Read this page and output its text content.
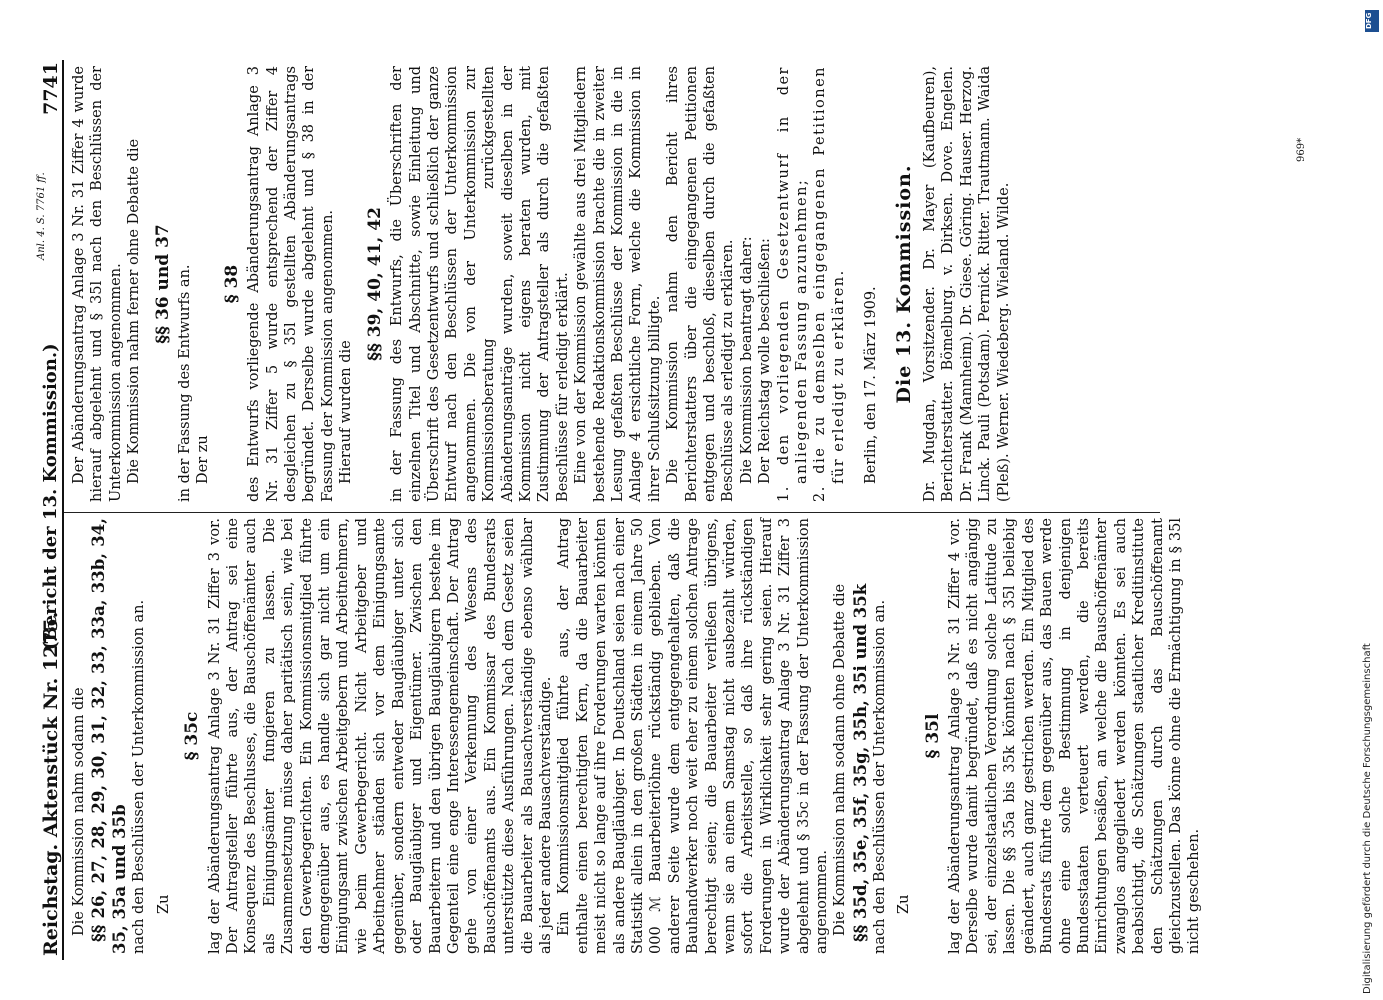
Reichstag. Aktenstück Nr. 1275.
(Bericht der 13. Kommission.)
7741

Die Kommission nahm sodann die §§ 26, 27, 28, 29, 30, 31, 32, 33, 33a, 33b, 34, 35, 35a und 35b nach den Beschlüssen der Unterkommission an. Zu

§ 35c lag der Abänderungsantrag Anlage 3 Nr. 31 Ziffer 3 vor. Der Antragsteller führte aus, der Antrag sei eine Konsequenz des Beschlusses, die Bauschöffenämter auch als Einigungsämter fungieren zu lassen. Die Zusammensetzung müsse daher paritätisch sein, wie bei den Gewerbegerichten. Ein Kommissionsmitglied führte demgegenüber aus, es handle sich gar nicht um ein Einigungsamt zwischen Arbeitgebern und Arbeitnehmern, wie beim Gewerbegericht. Nicht Arbeitgeber und Arbeitnehmer ständen sich vor dem Einigungsamte gegenüber, sondern entweder Baugläubiger unter sich oder Baugläubiger und Eigentümer. Zwischen den Bauarbeitern und den übrigen Baugläubigern bestehe im Gegenteil eine enge Interessengemeinschaft. Der Antrag gehe von einer Verkennung des Wesens des Bauschöffenamts aus. Ein Kommissar des Bundesrats unterstützte diese Ausführungen. Nach dem Gesetz seien die Bauarbeiter als Bausachverständige ebenso wählbar als jeder andere Bausachverständige. Ein Kommissionsmitglied führte aus, der Antrag enthalte einen berechtigten Kern, da die Bauarbeiter meist nicht so lange auf ihre Forderungen warten könnten als andere Baugläubiger. In Deutschland seien nach einer Statistik allein in den großen Städten in einem Jahre 50 000 ℳ Bauarbeiterlöhne rückständig geblieben. Von anderer Seite wurde dem entgegengehalten, daß die Bauhandwerker noch weit eher zu einem solchen Antrage berechtigt seien; die Bauarbeiter verließen übrigens, wenn sie an einem Samstag nicht ausbezahlt würden, sofort die Arbeitsstelle, so daß ihre rückständigen Forderungen in Wirklichkeit sehr gering seien. Hierauf wurde der Abänderungsantrag Anlage 3 Nr. 31 Ziffer 3 abgelehnt und § 35c in der Fassung der Unterkommission angenommen. Die Kommission nahm sodann ohne Debatte die §§ 35d, 35e, 35f, 35g, 35h, 35i und 35k nach den Beschlüssen der Unterkommission an. Zu

§ 35l lag der Abänderungsantrag Anlage 3 Nr. 31 Ziffer 4 vor. Derselbe wurde damit begründet, daß es nicht angängig sei, der einzelstaatlichen Verordnung solche Latitude zu lassen. Die §§ 35a bis 35k könnten nach § 35l beliebig geändert, auch ganz gestrichen werden. Ein Mitglied des Bundesrats führte dem gegenüber aus, das Bauen werde ohne eine solche Bestimmung in denjenigen Bundesstaaten verteuert werden, die bereits Einrichtungen besäßen, an welche die Bauschöffenämter zwanglos angegliedert werden könnten. Es sei auch beabsichtigt, die Schätzungen staatlicher Kreditinstitute den Schätzungen durch das Bauschöffenamt gleichzustellen. Das könne ohne die Ermächtigung in § 35l nicht geschehen.

Der Abänderungsantrag Anlage 3 Nr. 31 Ziffer 4 wurde hierauf abgelehnt und § 35l nach den Beschlüssen der Unterkommission angenommen. Die Kommission nahm ferner ohne Debatte die §§ 36 und 37 in der Fassung des Entwurfs an. Der zu

§ 38 des Entwurfs vorliegende Abänderungsantrag Anlage 3 Nr. 31 Ziffer 5 wurde entsprechend der Ziffer 4 desgleichen zu § 35l gestellten Abänderungsantrags begründet. Derselbe wurde abgelehnt und § 38 in der Fassung der Kommission angenommen. Hierauf wurden die

§§ 39, 40, 41, 42 in der Fassung des Entwurfs, die Überschriften der einzelnen Titel und Abschnitte, sowie Einleitung und Überschrift des Gesetzentwurfs und schließlich der ganze Entwurf nach den Beschlüssen der Unterkommission angenommen. Die von der Unterkommission zur Kommissionsberatung zurückgestellten Abänderungsanträge wurden, soweit dieselben in der Kommission nicht eigens beraten wurden, mit Zustimmung der Antragsteller als durch die gefaßten Beschlüsse für erledigt erklärt. Eine von der Kommission gewählte aus drei Mitgliedern bestehende Redaktionskommission brachte die in zweiter Lesung gefaßten Beschlüsse der Kommission in die in Anlage 4 ersichtliche Form, welche die Kommission in ihrer Schlußsitzung billigte. Die Kommission nahm den Bericht ihres Berichterstatters über die eingegangenen Petitionen entgegen und beschloß, dieselben durch die gefaßten Beschlüsse als erledigt zu erklären. Die Kommission beantragt daher: Der Reichstag wolle beschließen: 1. den vorliegenden Gesetzentwurf in der anliegenden Fassung anzunehmen; 2. die zu demselben eingegangenen Petitionen für erledigt zu erklären. Berlin, den 17. März 1909. Die 13. Kommission. Dr. Mugdan, Vorsitzender. Dr. Mayer (Kaufbeuren), Berichterstatter. Bömelburg. v. Dirksen. Dove. Engelen. Dr. Frank (Mannheim). Dr. Giese. Göring. Hauser. Herzog. Linck. Pauli (Potsdam). Pernick. Ritter. Trautmann. Waida (Pleß). Werner. Wiedeberg. Wieland. Wilde.

Anl. 4. S. 7761 ff.
969*
DFG
Digitalisierung gefördert durch die Deutsche Forschungsgemeinschaft
